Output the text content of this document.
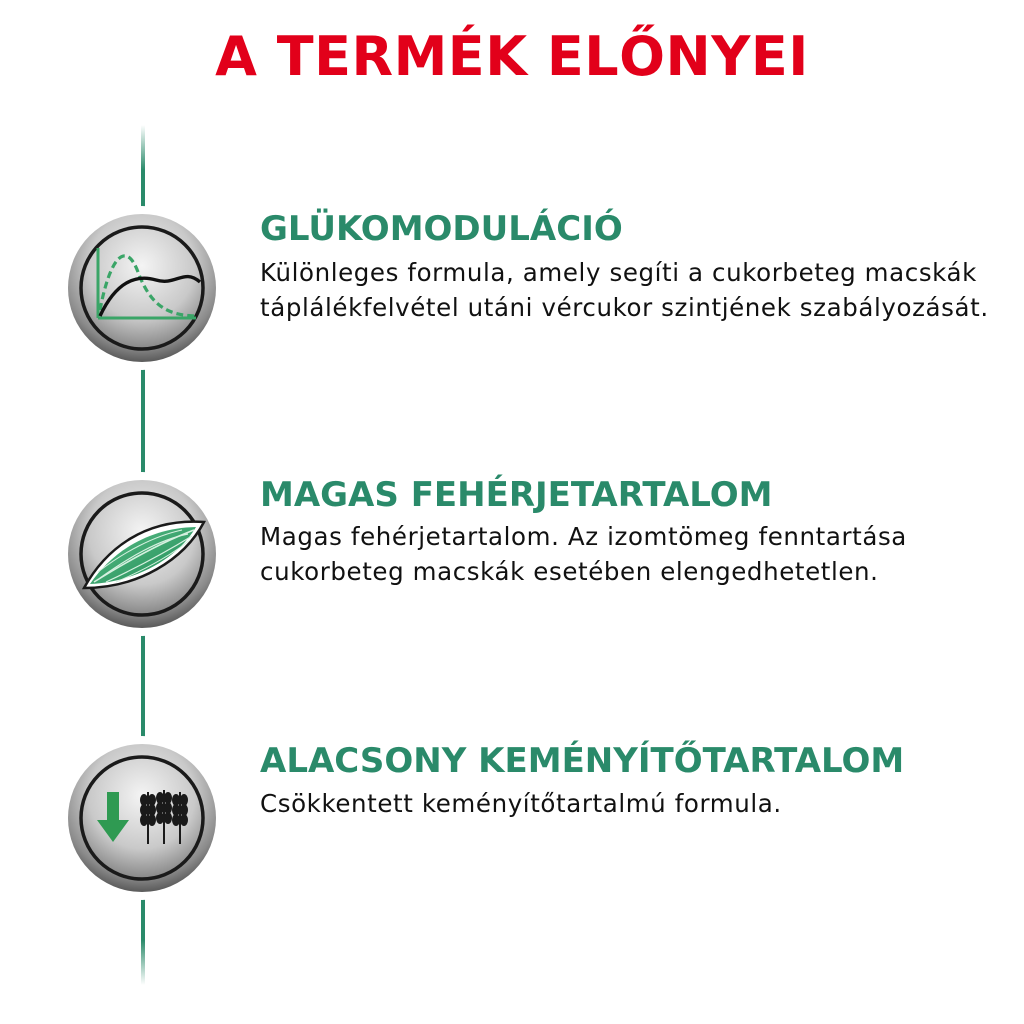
A TERMÉK ELŐNYEI
GLÜKOMODULÁCIÓ
Különleges formula, amely segíti a cukorbeteg macskák táplálékfelvétel utáni vércukor szintjének szabályozását.
MAGAS FEHÉRJETARTALOM
Magas fehérjetartalom. Az izomtömeg fenntartása cukorbeteg macskák esetében elengedhetetlen.
ALACSONY KEMÉNYÍTŐTARTALOM
Csökkentett keményítőtartalmú formula.
